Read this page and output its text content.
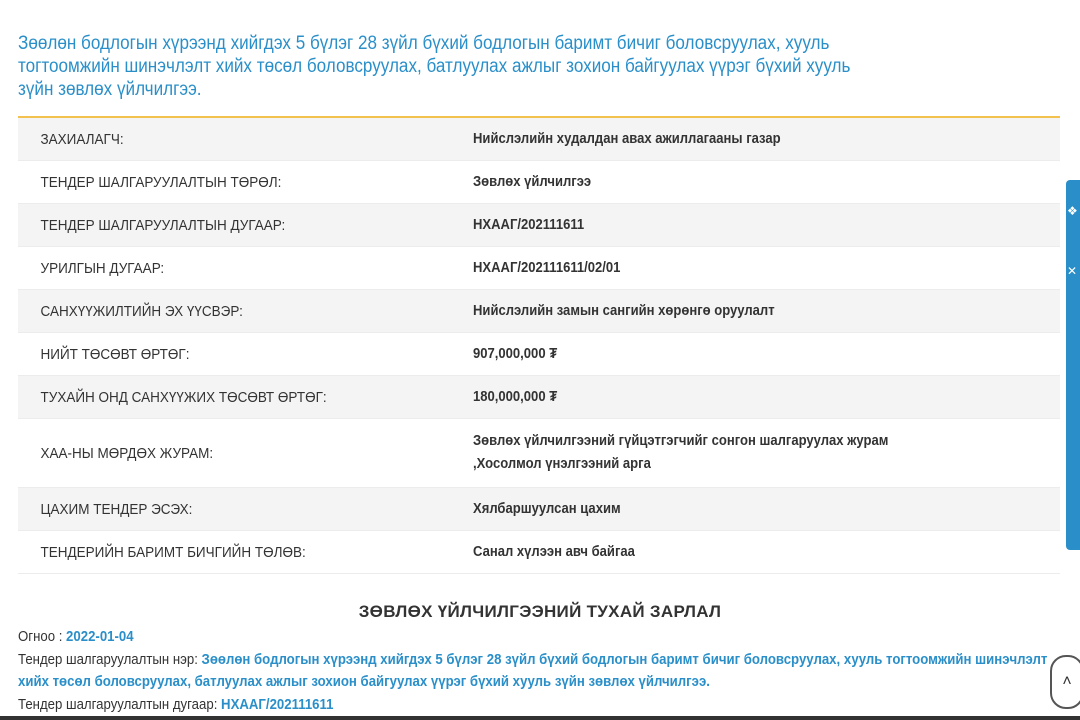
Зөөлөн бодлогын хүрээнд хийгдэх 5 бүлэг 28 зүйл бүхий бодлогын баримт бичиг боловсруулах, хууль тогтоомжийн шинэчлэлт хийх төсөл боловсруулах, батлуулах ажлыг зохион байгуулах үүрэг бүхий хууль зүйн зөвлөх үйлчилгээ.
ЗАХИАЛАГЧ:	Нийслэлийн худалдан авах ажиллагааны газар
ТЕНДЕР ШАЛГАРУУЛАЛТЫН ТӨРӨЛ:	Зөвлөх үйлчилгээ
ТЕНДЕР ШАЛГАРУУЛАЛТЫН ДУГААР:	НХААГ/202111611
УРИЛГЫН ДУГААР:	НХААГ/202111611/02/01
САНХҮҮЖИЛТИЙН ЭХ ҮҮСВЭР:	Нийслэлийн замын сангийн хөрөнгө оруулалт
НИЙТ ТӨСӨВТ ӨРТӨГ:	907,000,000 ₮
ТУХАЙН ОНД САНХҮҮЖИХ ТӨСӨВТ ӨРТӨГ:	180,000,000 ₮
ХАА-НЫ МӨРДӨХ ЖУРАМ:
Зөвлөх үйлчилгээний гүйцэтгэгчийг сонгон шалгаруулах журам ,Хосолмол үнэлгээний арга
ЦАХИМ ТЕНДЕР ЭСЭХ:	Хялбаршуулсан цахим
ТЕНДЕРИЙН БАРИМТ БИЧГИЙН ТӨЛӨВ:	Санал хүлээн авч байгаа
ЗӨВЛӨХ ҮЙЛЧИЛГЭЭНИЙ ТУХАЙ ЗАРЛАЛ
Огноо : 2022-01-04
Тендер шалгаруулалтын нэр: Зөөлөн бодлогын хүрээнд хийгдэх 5 бүлэг 28 зүйл бүхий бодлогын баримт бичиг боловсруулах, хууль тогтоомжийн шинэчлэлт хийх төсөл боловсруулах, батлуулах ажлыг зохион байгуулах үүрэг бүхий хууль зүйн зөвлөх үйлчилгээ.
Тендер шалгаруулалтын дугаар: НХААГ/202111611
❖
✕
˄
